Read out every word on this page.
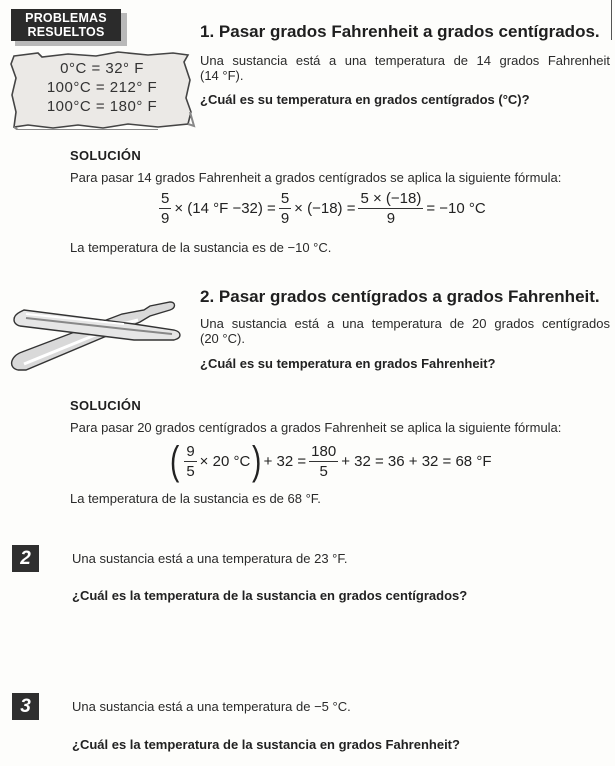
PROBLEMAS
RESUELTOS
0°C = 32° F
100°C = 212° F
100°C = 180° F
1. Pasar grados Fahrenheit a grados centígrados.
Una sustancia está a una temperatura de 14 grados Fahrenheit
(14 °F).
¿Cuál es su temperatura en grados centígrados (°C)?
SOLUCIÓN
Para pasar 14 grados Fahrenheit a grados centígrados se aplica la siguiente fórmula:
$\frac{5}{9} \times (14$ $^\circ F -32) = \frac{5}{9} \times (-18) = \frac{5 \times (-18)}{9} = -10$ °C
La temperatura de la sustancia es de −10 °C.
2. Pasar grados centígrados a grados Fahrenheit.
Una sustancia está a una temperatura de 20 grados centígrados
(20 °C).
¿Cuál es su temperatura en grados Fahrenheit?
SOLUCIÓN
Para pasar 20 grados centígrados a grados Fahrenheit se aplica la siguiente fórmula:
( $\frac{9}{5} \times 20$ °C ) + $32 = \frac{180}{5} + 32 = 36 + 32 = 68$ °F
La temperatura de la sustancia es de 68 °F.
2	Una sustancia está a una temperatura de 23 °F.
¿Cuál es la temperatura de la sustancia en grados centígrados?
3	Una sustancia está a una temperatura de −5 °C.
¿Cuál es la temperatura de la sustancia en grados Fahrenheit?
